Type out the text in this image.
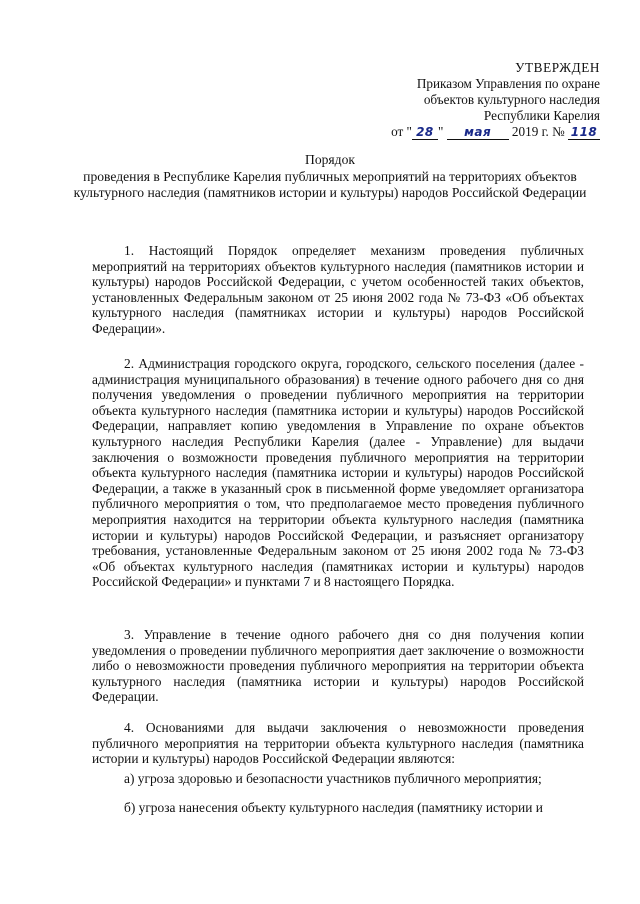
УТВЕРЖДЕН
Приказом Управления по охране
объектов культурного наследия
Республики Карелия
от " 28 " мая 2019 г. № 118
Порядок
проведения в Республике Карелия публичных мероприятий на территориях объектов культурного наследия (памятников истории и культуры) народов Российской Федерации

1. Настоящий Порядок определяет механизм проведения публичных мероприятий на территориях объектов культурного наследия (памятников истории и культуры) народов Российской Федерации, с учетом особенностей таких объектов, установленных Федеральным законом от 25 июня 2002 года № 73-ФЗ «Об объектах культурного наследия (памятниках истории и культуры) народов Российской Федерации».

2. Администрация городского округа, городского, сельского поселения (далее - администрация муниципального образования) в течение одного рабочего дня со дня получения уведомления о проведении публичного мероприятия на территории объекта культурного наследия (памятника истории и культуры) народов Российской Федерации, направляет копию уведомления в Управление по охране объектов культурного наследия Республики Карелия (далее - Управление) для выдачи заключения о возможности проведения публичного мероприятия на территории объекта культурного наследия (памятника истории и культуры) народов Российской Федерации, а также в указанный срок в письменной форме уведомляет организатора публичного мероприятия о том, что предполагаемое место проведения публичного мероприятия находится на территории объекта культурного наследия (памятника истории и культуры) народов Российской Федерации, и разъясняет организатору требования, установленные Федеральным законом от 25 июня 2002 года № 73-ФЗ «Об объектах культурного наследия (памятниках истории и культуры) народов Российской Федерации» и пунктами 7 и 8 настоящего Порядка.

3. Управление в течение одного рабочего дня со дня получения копии уведомления о проведении публичного мероприятия дает заключение о возможности либо о невозможности проведения публичного мероприятия на территории объекта культурного наследия (памятника истории и культуры) народов Российской Федерации.

4. Основаниями для выдачи заключения о невозможности проведения публичного мероприятия на территории объекта культурного наследия (памятника истории и культуры) народов Российской Федерации являются:

а) угроза здоровью и безопасности участников публичного мероприятия;

б) угроза нанесения объекту культурного наследия (памятнику истории и
